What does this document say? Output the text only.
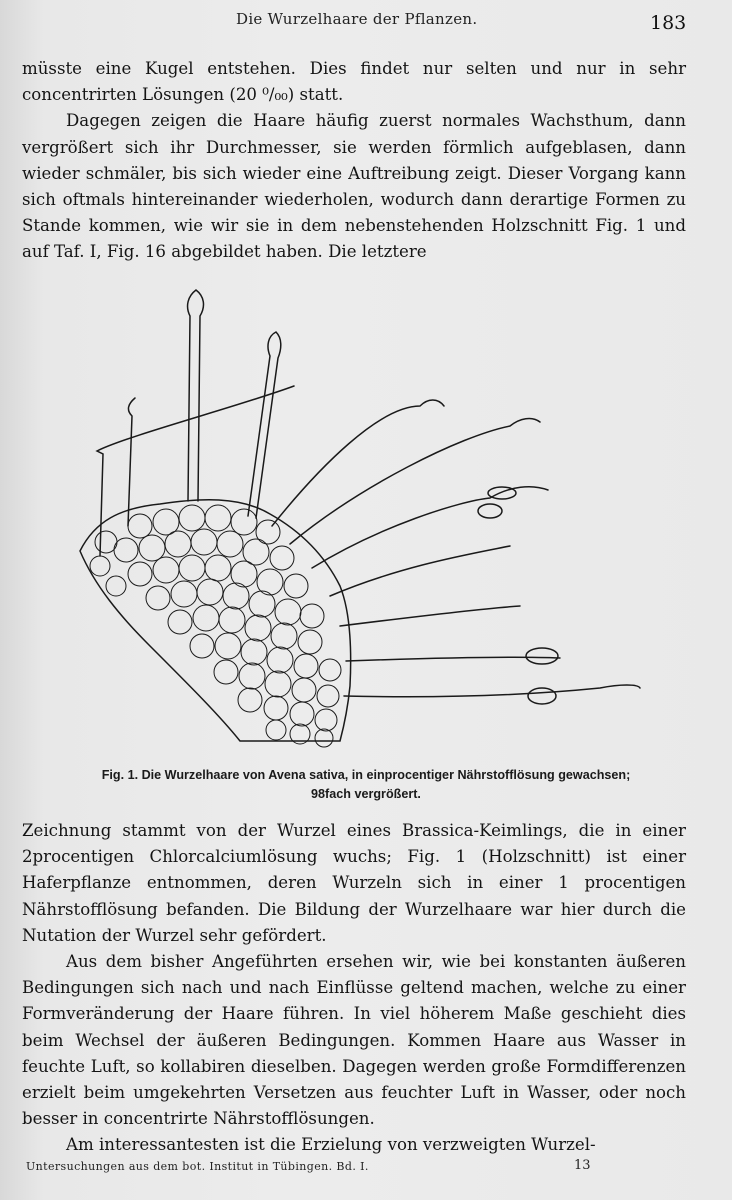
Die Wurzelhaare der Pflanzen.	183

müsste eine Kugel entstehen. Dies findet nur selten und nur in sehr concentrirten Lösungen (20 ⁰/₀₀) statt.

Dagegen zeigen die Haare häufig zuerst normales Wachsthum, dann vergrößert sich ihr Durchmesser, sie werden förmlich aufgeblasen, dann wieder schmäler, bis sich wieder eine Auftreibung zeigt. Dieser Vorgang kann sich oftmals hintereinander wiederholen, wodurch dann derartige Formen zu Stande kommen, wie wir sie in dem nebenstehenden Holzschnitt Fig. 1 und auf Taf. I, Fig. 16 abgebildet haben. Die letztere

Fig. 1. Die Wurzelhaare von Avena sativa, in einprocentiger Nährstofflösung gewachsen;
98fach vergrößert.

Zeichnung stammt von der Wurzel eines Brassica-Keimlings, die in einer 2procentigen Chlorcalciumlösung wuchs; Fig. 1 (Holzschnitt) ist einer Haferpflanze entnommen, deren Wurzeln sich in einer 1 procentigen Nährstofflösung befanden. Die Bildung der Wurzelhaare war hier durch die Nutation der Wurzel sehr gefördert.

Aus dem bisher Angeführten ersehen wir, wie bei konstanten äußeren Bedingungen sich nach und nach Einflüsse geltend machen, welche zu einer Formveränderung der Haare führen. In viel höherem Maße geschieht dies beim Wechsel der äußeren Bedingungen. Kommen Haare aus Wasser in feuchte Luft, so kollabiren dieselben. Dagegen werden große Formdifferenzen erzielt beim umgekehrten Versetzen aus feuchter Luft in Wasser, oder noch besser in concentrirte Nährstofflösungen.

Am interessantesten ist die Erzielung von verzweigten Wurzel-

Untersuchungen aus dem bot. Institut in Tübingen. Bd. I.	13
